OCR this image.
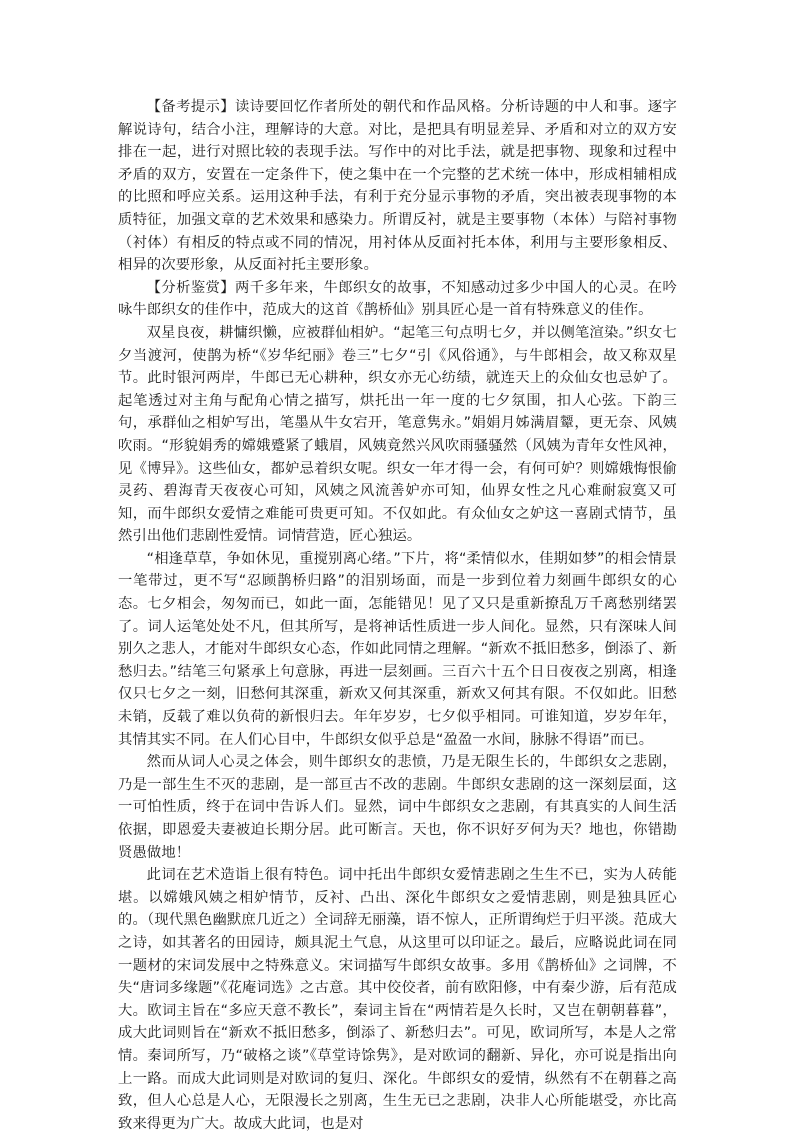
【备考提示】读诗要回忆作者所处的朝代和作品风格。分析诗题的中人和事。逐字解说诗句，结合小注，理解诗的大意。对比，是把具有明显差异、矛盾和对立的双方安排在一起，进行对照比较的表现手法。写作中的对比手法，就是把事物、现象和过程中矛盾的双方，安置在一定条件下，使之集中在一个完整的艺术统一体中，形成相辅相成的比照和呼应关系。运用这种手法，有利于充分显示事物的矛盾，突出被表现事物的本质特征，加强文章的艺术效果和感染力。所谓反衬，就是主要事物（本体）与陪衬事物（衬体）有相反的特点或不同的情况，用衬体从反面衬托本体，利用与主要形象相反、相异的次要形象，从反面衬托主要形象。

【分析鉴赏】两千多年来，牛郎织女的故事，不知感动过多少中国人的心灵。在吟咏牛郎织女的佳作中，范成大的这首《鹊桥仙》别具匠心是一首有特殊意义的佳作。

双星良夜，耕慵织懒，应被群仙相妒。“起笔三句点明七夕，并以侧笔渲染。”织女七夕当渡河，使鹊为桥“《岁华纪丽》卷三”七夕“引《风俗通》，与牛郎相会，故又称双星节。此时银河两岸，牛郎已无心耕种，织女亦无心纺绩，就连天上的众仙女也忌妒了。起笔透过对主角与配角心情之描写，烘托出一年一度的七夕氛围，扣人心弦。下韵三句，承群仙之相妒写出，笔墨从牛女宕开，笔意隽永。”娟娟月姊满眉颦，更无奈、风姨吹雨。“形貌娟秀的嫦娥蹙紧了蛾眉，风姨竟然兴风吹雨骚骚然（风姨为青年女性风神，见《博异》。这些仙女，都妒忌着织女呢。织女一年才得一会，有何可妒？则嫦娥悔恨偷灵药、碧海青天夜夜心可知，风姨之风流善妒亦可知，仙界女性之凡心难耐寂寞又可知，而牛郎织女爱情之难能可贵更可知。不仅如此。有众仙女之妒这一喜剧式情节，虽然引出他们悲剧性爱情。词情营造，匠心独运。

“相逢草草，争如休见，重搅别离心绪。”下片，将“柔情似水，佳期如梦”的相会情景一笔带过，更不写“忍顾鹊桥归路”的泪别场面，而是一步到位着力刻画牛郎织女的心态。七夕相会，匆匆而已，如此一面，怎能错见！见了又只是重新撩乱万千离愁别绪罢了。词人运笔处处不凡，但其所写，是将神话性质进一步人间化。显然，只有深味人间别久之悲人，才能对牛郎织女心态，作如此同情之理解。“新欢不抵旧愁多，倒添了、新愁归去。”结笔三句紧承上句意脉，再进一层刻画。三百六十五个日日夜夜之别离，相逢仅只七夕之一刻，旧愁何其深重，新欢又何其深重，新欢又何其有限。不仅如此。旧愁未销，反载了难以负荷的新恨归去。年年岁岁，七夕似乎相同。可谁知道，岁岁年年，其情其实不同。在人们心目中，牛郎织女似乎总是“盈盈一水间，脉脉不得语”而已。

然而从词人心灵之体会，则牛郎织女的悲愤，乃是无限生长的，牛郎织女之悲剧，乃是一部生生不灭的悲剧，是一部亘古不改的悲剧。牛郎织女悲剧的这一深刻层面，这一可怕性质，终于在词中告诉人们。显然，词中牛郎织女之悲剧，有其真实的人间生活依据，即恩爱夫妻被迫长期分居。此可断言。天也，你不识好歹何为天？地也，你错勘贤愚做地！

此词在艺术造诣上很有特色。词中托出牛郎织女爱情悲剧之生生不已，实为人砖能堪。以嫦娥风姨之相妒情节，反衬、凸出、深化牛郎织女之爱情悲剧，则是独具匠心的。（现代黑色幽默庶几近之）全词辞无丽藻，语不惊人，正所谓绚烂于归平淡。范成大之诗，如其著名的田园诗，颇具泥土气息，从这里可以印证之。最后，应略说此词在同一题材的宋词发展中之特殊意义。宋词描写牛郎织女故事。多用《鹊桥仙》之词牌，不失“唐词多缘题”《花庵词选》之古意。其中佼佼者，前有欧阳修，中有秦少游，后有范成大。欧词主旨在“多应天意不教长”，秦词主旨在“两情若是久长时，又岂在朝朝暮暮”，成大此词则旨在“新欢不抵旧愁多，倒添了、新愁归去”。可见，欧词所写，本是人之常情。秦词所写，乃“破格之谈”《草堂诗馀隽》，是对欧词的翻新、异化，亦可说是指出向上一路。而成大此词则是对欧词的复归、深化。牛郎织女的爱情，纵然有不在朝暮之高致，但人心总是人心，无限漫长之别离，生生无已之悲剧，决非人心所能堪受，亦比高致来得更为广大。故成大此词，也是对
